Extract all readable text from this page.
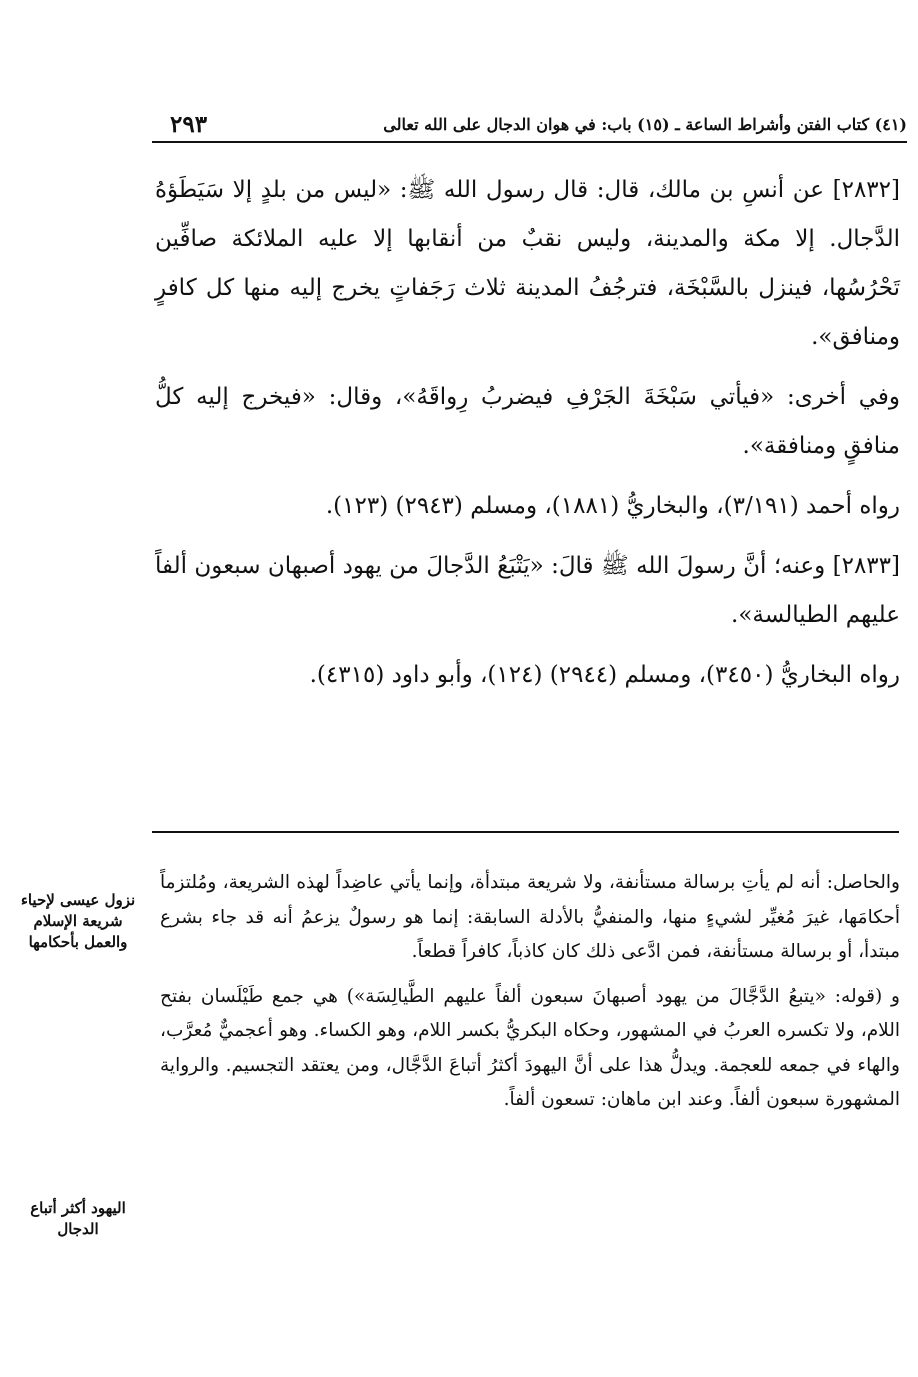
(٤١) كتاب الفتن وأشراط الساعة ـ (١٥) باب: في هوان الدجال على الله تعالى
٢٩٣

[٢٨٣٢] عن أنسِ بن مالك، قال: قال رسول الله ﷺ: «ليس من بلدٍ إلا سَيَطَؤهُ الدَّجال. إلا مكة والمدينة، وليس نقبٌ من أنقابها إلا عليه الملائكة صافِّين تَحْرُسُها، فينزل بالسَّبْخَة، فترجُفُ المدينة ثلاث رَجَفاتٍ يخرج إليه منها كل كافرٍ ومنافق».

وفي أخرى: «فيأتي سَبْخَةَ الجَرْفِ فيضربُ رِواقَهُ»، وقال: «فيخرج إليه كلُّ منافقٍ ومنافقة».

رواه أحمد (٣/١٩١)، والبخاريُّ (١٨٨١)، ومسلم (٢٩٤٣) (١٢٣).

[٢٨٣٣] وعنه؛ أنَّ رسولَ الله ﷺ قالَ: «يَتْبَعُ الدَّجالَ من يهود أصبهان سبعون ألفاً عليهم الطيالسة».

رواه البخاريُّ (٣٤٥٠)، ومسلم (٢٩٤٤) (١٢٤)، وأبو داود (٤٣١٥).

والحاصل: أنه لم يأتِ برسالة مستأنفة، ولا شريعة مبتدأة، وإنما يأتي عاضِداً لهذه الشريعة، ومُلتزماً أحكامَها، غيرَ مُغيِّر لشيءٍ منها، والمنفيُّ بالأدلة السابقة: إنما هو رسولٌ يزعمُ أنه قد جاء بشرع مبتدأ، أو برسالة مستأنفة، فمن ادَّعى ذلك كان كاذباً، كافراً قطعاً.

و (قوله: «يتبعُ الدَّجَّالَ من يهود أصبهانَ سبعون ألفاً عليهم الطَّيالِسَة») هي جمع طَيْلَسان بفتح اللام، ولا تكسره العربُ في المشهور، وحكاه البكريُّ بكسر اللام، وهو الكساء. وهو أعجميٌّ مُعرَّب، والهاء في جمعه للعجمة. ويدلُّ هذا على أنَّ اليهودَ أكثرُ أتباعَ الدَّجَّال، ومن يعتقد التجسيم. والرواية المشهورة سبعون ألفاً. وعند ابن ماهان: تسعون ألفاً.

نزول عيسى لإحياء شريعة الإسلام والعمل بأحكامها
اليهود أكثر أتباع الدجال
